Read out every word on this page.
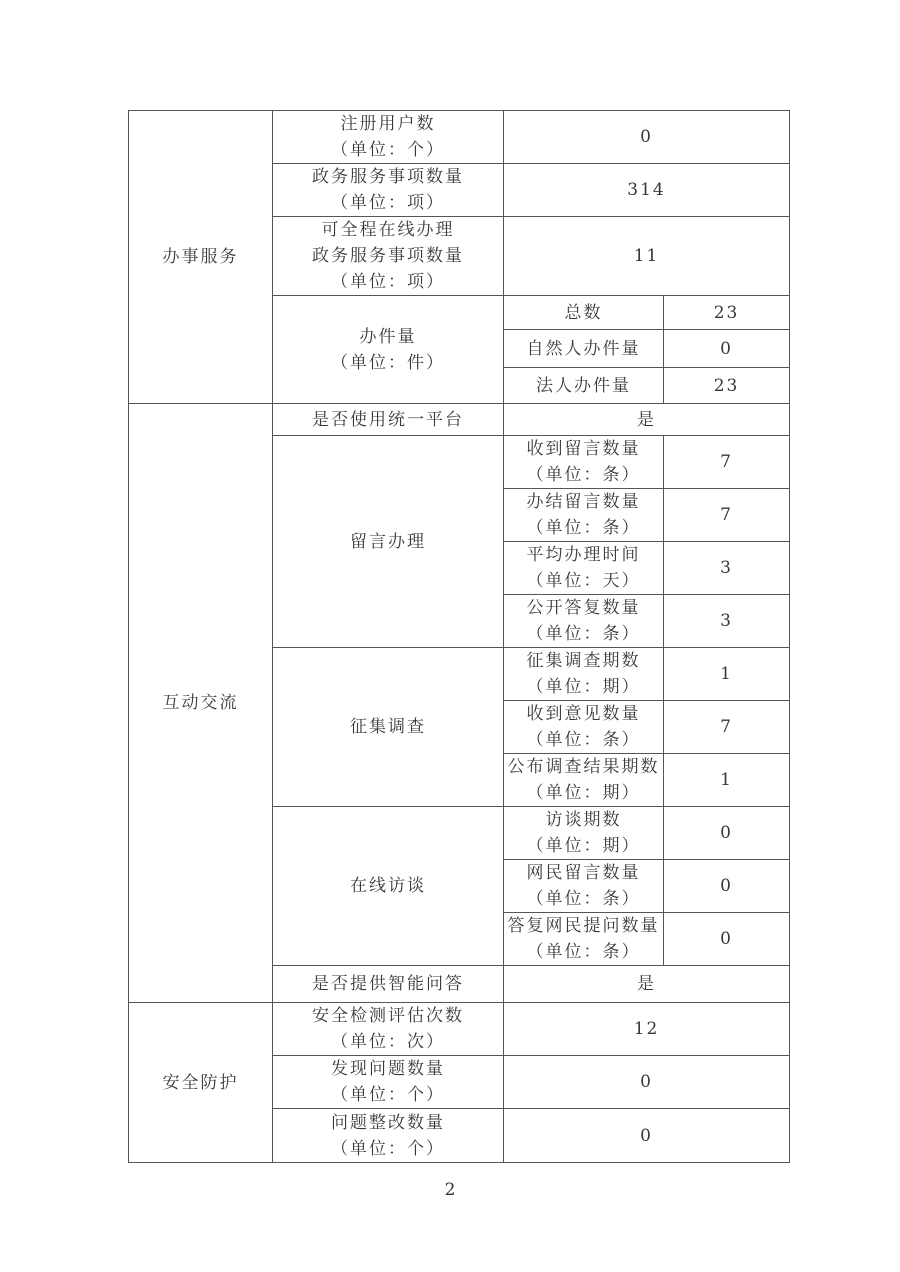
办事服务	注册用户数
（单位：个）	0	

	政务服务事项数量
（单位：项）	314	

	可全程在线办理
政务服务事项数量
（单位：项）	11	

	办件量
（单位：件）	总数	23
		自然人办件量	0
		法人办件量	23
互动交流	是否使用统一平台	是	
	留言办理	收到留言数量
（单位：条）	7

		办结留言数量
（单位：条）	7

		平均办理时间
（单位：天）	3

		公开答复数量
（单位：条）	3
	征集调查	征集调查期数
（单位：期）	1

		收到意见数量
（单位：条）	7

		公布调查结果期数
（单位：期）	1
	在线访谈	访谈期数
（单位：期）	0

		网民留言数量
（单位：条）	0

		答复网民提问数量
（单位：条）	0
	是否提供智能问答	是	
安全防护	安全检测评估次数
（单位：次）	12	

	发现问题数量
（单位：个）	0	

	问题整改数量
（单位：个）	0	
2
